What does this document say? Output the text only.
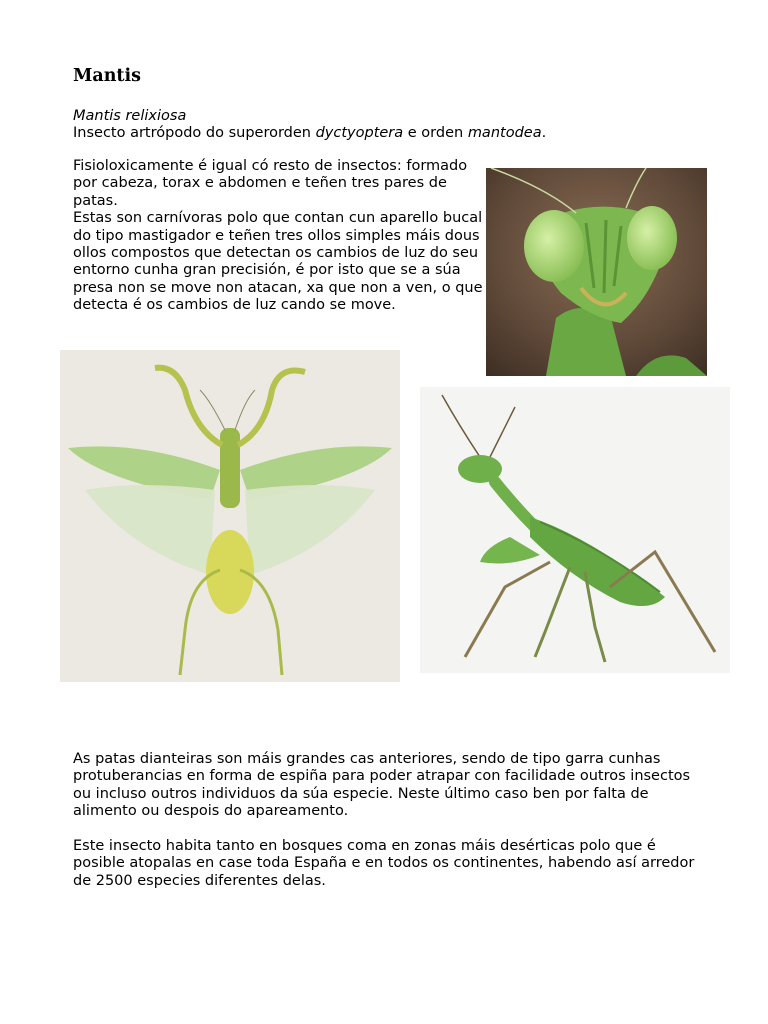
Mantis

Mantis relixiosa

Insecto artrópodo do superorden dyctyoptera e orden mantodea.

Fisioloxicamente é igual có resto de insectos: formado por cabeza, torax e abdomen e teñen tres pares de patas.

Estas son carnívoras polo que contan cun aparello bucal do tipo mastigador e teñen tres ollos simples máis dous ollos compostos que detectan os cambios de luz do seu entorno cunha gran precisión, é por isto que se a súa presa non se move non atacan, xa que non a ven, o que detecta é os cambios de luz cando se move.

As patas dianteiras son máis grandes cas anteriores, sendo de tipo garra cunhas protuberancias en forma de espiña para poder atrapar con facilidade outros insectos ou incluso outros individuos da súa especie. Neste último caso ben por falta de alimento ou despois do apareamento.

Este insecto habita tanto en bosques coma en zonas máis desérticas polo que é posible atopalas en case toda España e en todos os continentes, habendo así arredor de 2500 especies diferentes delas.
